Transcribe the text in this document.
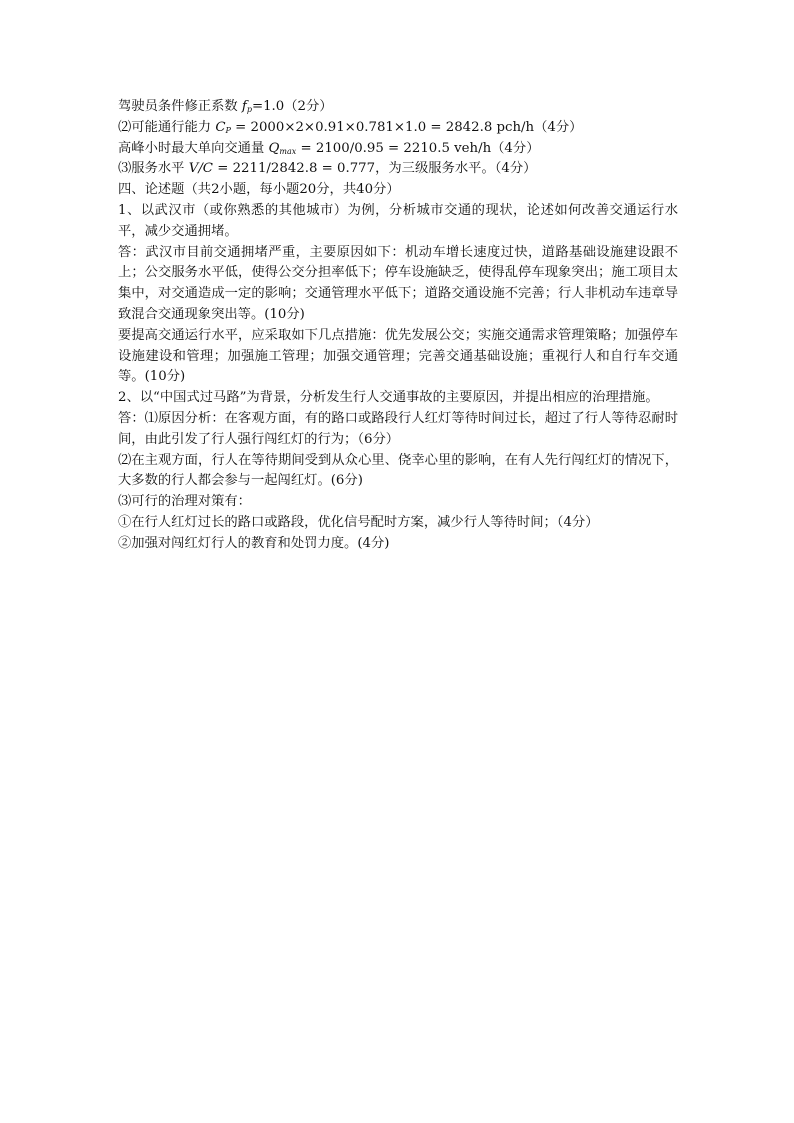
驾驶员条件修正系数 $f_p=1.0(2$分）
⑵可能通行能力 $C_P = 2000\times 2\times 0.91\times 0.781\times 1.0 = 2842.8$ pch/h（4分）
高峰小时最大单向交通量 $Q_{max} = 2100/0.95 = 2210.5$ veh/h（4分）
⑶服务水平 V/C = 2211/2842.8 = 0.777，为三级服务水平。（4分）
四、论述题（共2小题，每小题20分，共40分）
1、以武汉市（或你熟悉的其他城市）为例，分析城市交通的现状，论述如何改善交通运行水平，减少交通拥堵。
答：武汉市目前交通拥堵严重，主要原因如下：机动车增长速度过快，道路基础设施建设跟不上；公交服务水平低，使得公交分担率低下；停车设施缺乏，使得乱停车现象突出；施工项目太集中，对交通造成一定的影响；交通管理水平低下；道路交通设施不完善；行人非机动车违章导致混合交通现象突出等。(10分)
要提高交通运行水平，应采取如下几点措施：优先发展公交；实施交通需求管理策略；加强停车设施建设和管理；加强施工管理；加强交通管理；完善交通基础设施；重视行人和自行车交通等。(10分)
2、以“中国式过马路”为背景，分析发生行人交通事故的主要原因，并提出相应的治理措施。
答：⑴原因分析：在客观方面，有的路口或路段行人红灯等待时间过长，超过了行人等待忍耐时间，由此引发了行人强行闯红灯的行为；（6分）
⑵在主观方面，行人在等待期间受到从众心里、侥幸心里的影响，在有人先行闯红灯的情况下，大多数的行人都会参与一起闯红灯。(6分)
⑶可行的治理对策有：
①在行人红灯过长的路口或路段，优化信号配时方案，减少行人等待时间；（4分）
②加强对闯红灯行人的教育和处罚力度。(4分)
